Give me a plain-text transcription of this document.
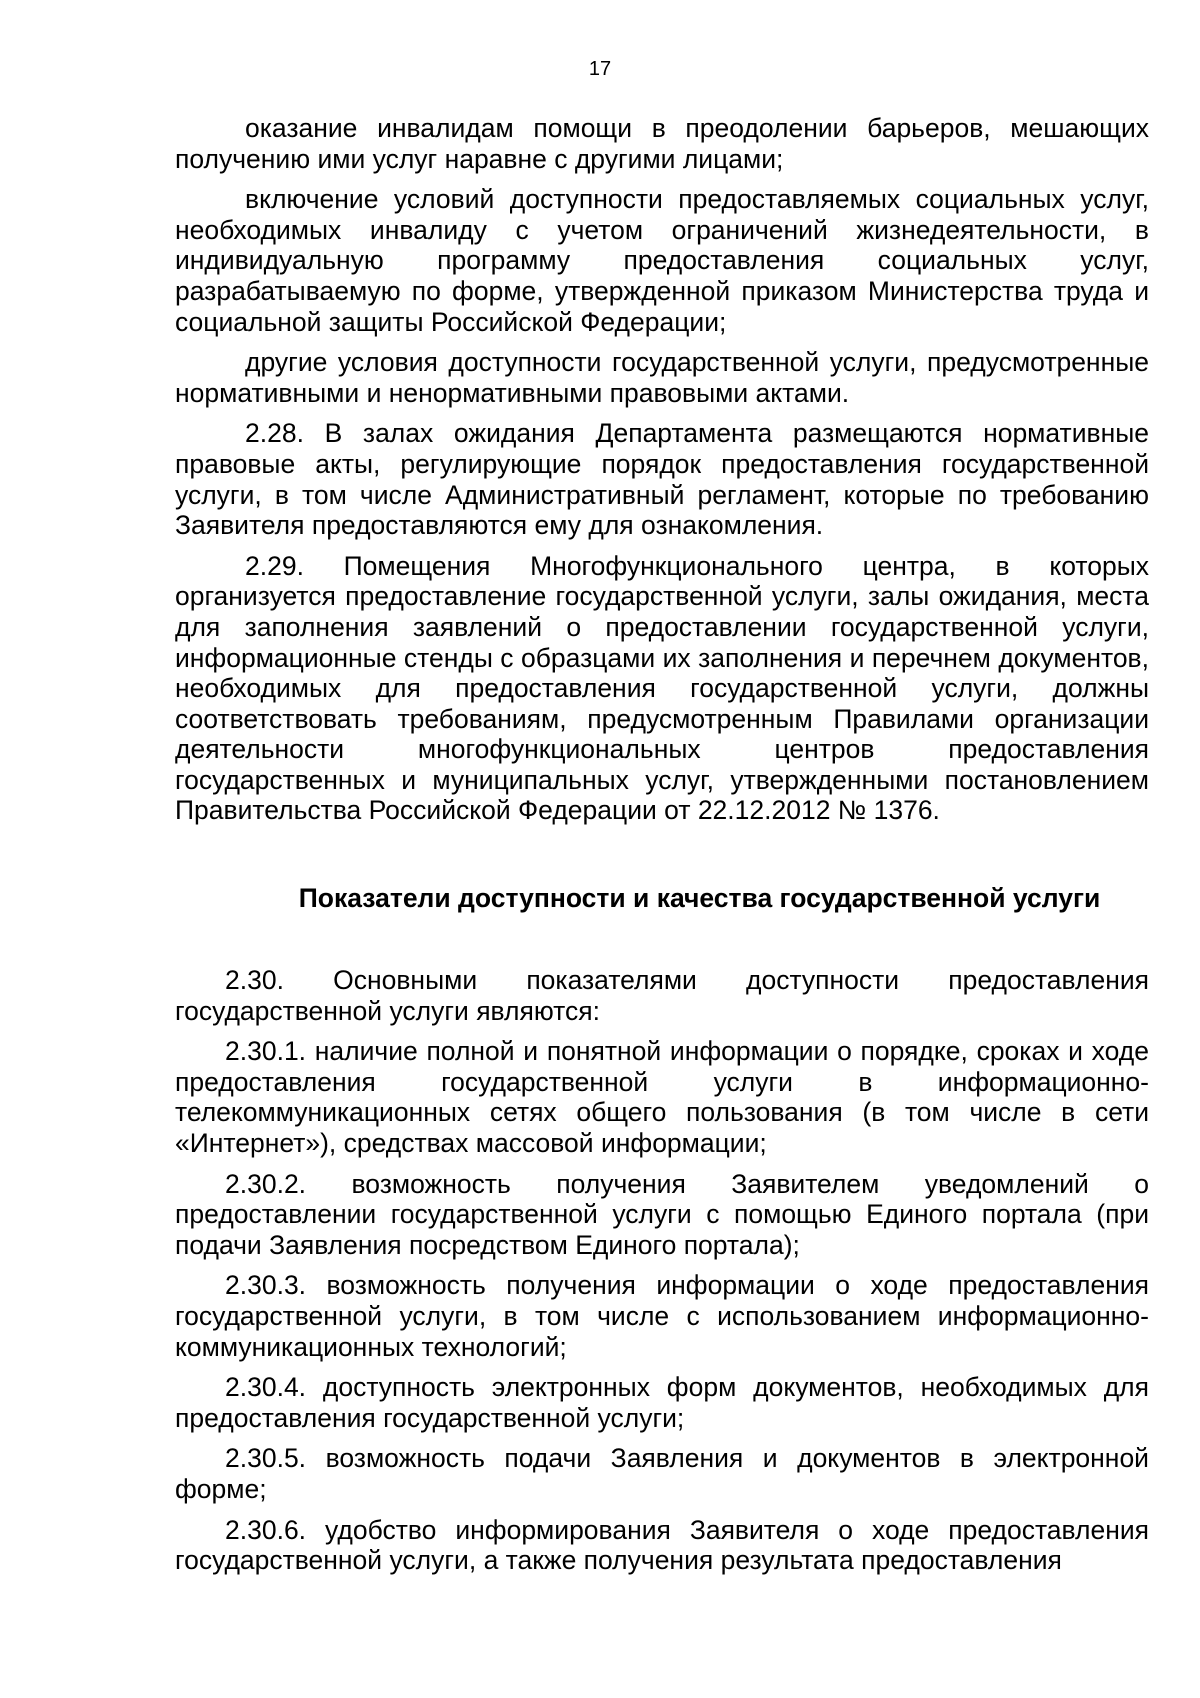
17

оказание инвалидам помощи в преодолении барьеров, мешающих получению ими услуг наравне с другими лицами;

включение условий доступности предоставляемых социальных услуг, необходимых инвалиду с учетом ограничений жизнедеятельности, в индивидуальную программу предоставления социальных услуг, разрабатываемую по форме, утвержденной приказом Министерства труда и социальной защиты Российской Федерации;

другие условия доступности государственной услуги, предусмотренные нормативными и ненормативными правовыми актами.

2.28. В залах ожидания Департамента размещаются нормативные правовые акты, регулирующие порядок предоставления государственной услуги, в том числе Административный регламент, которые по требованию Заявителя предоставляются ему для ознакомления.

2.29. Помещения Многофункционального центра, в которых организуется предоставление государственной услуги, залы ожидания, места для заполнения заявлений о предоставлении государственной услуги, информационные стенды с образцами их заполнения и перечнем документов, необходимых для предоставления государственной услуги, должны соответствовать требованиям, предусмотренным Правилами организации деятельности многофункциональных центров предоставления государственных и муниципальных услуг, утвержденными постановлением Правительства Российской Федерации от 22.12.2012 № 1376.

Показатели доступности и качества государственной услуги

2.30. Основными показателями доступности предоставления государственной услуги являются:

2.30.1. наличие полной и понятной информации о порядке, сроках и ходе предоставления государственной услуги в информационно-телекоммуникационных сетях общего пользования (в том числе в сети «Интернет»), средствах массовой информации;

2.30.2. возможность получения Заявителем уведомлений о предоставлении государственной услуги с помощью Единого портала (при подачи Заявления посредством Единого портала);

2.30.3. возможность получения информации о ходе предоставления государственной услуги, в том числе с использованием информационно-коммуникационных технологий;

2.30.4. доступность электронных форм документов, необходимых для предоставления государственной услуги;

2.30.5. возможность подачи Заявления и документов в электронной форме;

2.30.6. удобство информирования Заявителя о ходе предоставления государственной услуги, а также получения результата предоставления
